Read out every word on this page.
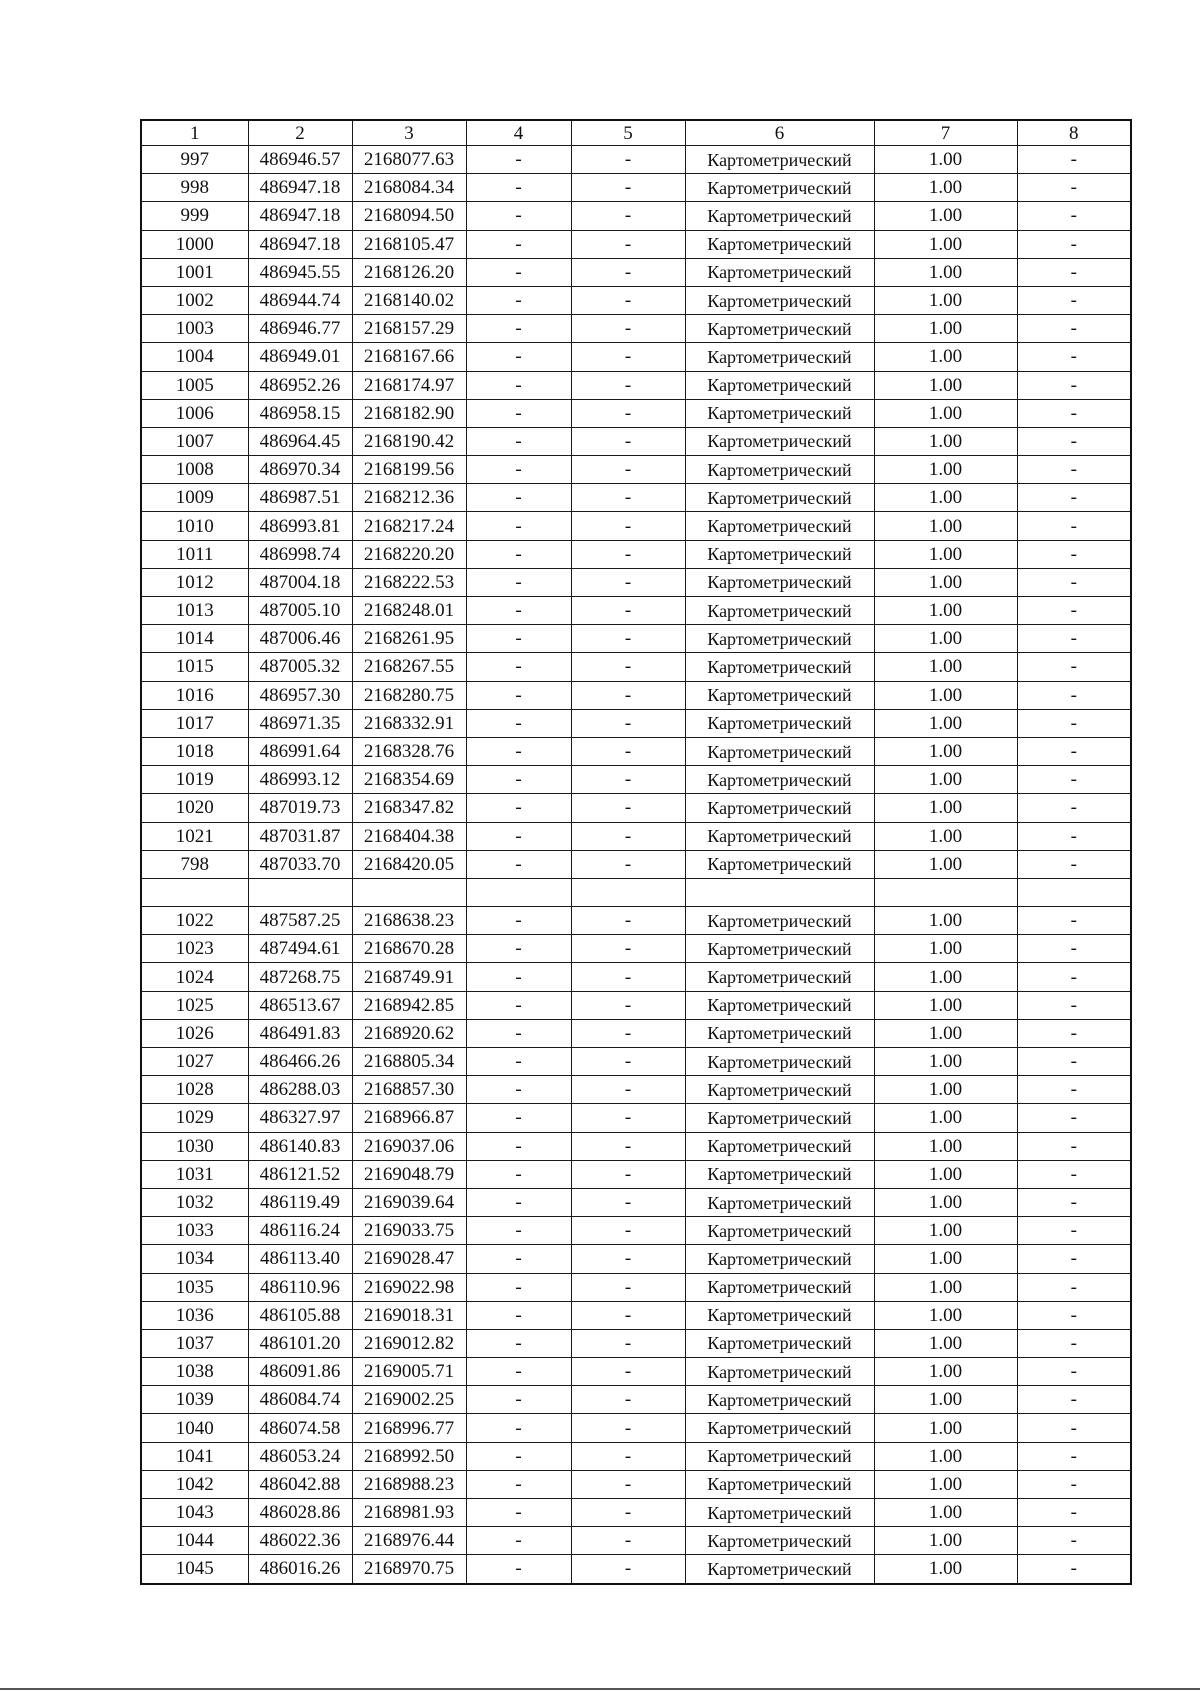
1	2	3	4	5	6	7	8
997	486946.57	2168077.63	-	-	Картометрический	1.00	-
998	486947.18	2168084.34	-	-	Картометрический	1.00	-
999	486947.18	2168094.50	-	-	Картометрический	1.00	-
1000	486947.18	2168105.47	-	-	Картометрический	1.00	-
1001	486945.55	2168126.20	-	-	Картометрический	1.00	-
1002	486944.74	2168140.02	-	-	Картометрический	1.00	-
1003	486946.77	2168157.29	-	-	Картометрический	1.00	-
1004	486949.01	2168167.66	-	-	Картометрический	1.00	-
1005	486952.26	2168174.97	-	-	Картометрический	1.00	-
1006	486958.15	2168182.90	-	-	Картометрический	1.00	-
1007	486964.45	2168190.42	-	-	Картометрический	1.00	-
1008	486970.34	2168199.56	-	-	Картометрический	1.00	-
1009	486987.51	2168212.36	-	-	Картометрический	1.00	-
1010	486993.81	2168217.24	-	-	Картометрический	1.00	-
1011	486998.74	2168220.20	-	-	Картометрический	1.00	-
1012	487004.18	2168222.53	-	-	Картометрический	1.00	-
1013	487005.10	2168248.01	-	-	Картометрический	1.00	-
1014	487006.46	2168261.95	-	-	Картометрический	1.00	-
1015	487005.32	2168267.55	-	-	Картометрический	1.00	-
1016	486957.30	2168280.75	-	-	Картометрический	1.00	-
1017	486971.35	2168332.91	-	-	Картометрический	1.00	-
1018	486991.64	2168328.76	-	-	Картометрический	1.00	-
1019	486993.12	2168354.69	-	-	Картометрический	1.00	-
1020	487019.73	2168347.82	-	-	Картометрический	1.00	-
1021	487031.87	2168404.38	-	-	Картометрический	1.00	-
798	487033.70	2168420.05	-	-	Картометрический	1.00	-

1022	487587.25	2168638.23	-	-	Картометрический	1.00	-
1023	487494.61	2168670.28	-	-	Картометрический	1.00	-
1024	487268.75	2168749.91	-	-	Картометрический	1.00	-
1025	486513.67	2168942.85	-	-	Картометрический	1.00	-
1026	486491.83	2168920.62	-	-	Картометрический	1.00	-
1027	486466.26	2168805.34	-	-	Картометрический	1.00	-
1028	486288.03	2168857.30	-	-	Картометрический	1.00	-
1029	486327.97	2168966.87	-	-	Картометрический	1.00	-
1030	486140.83	2169037.06	-	-	Картометрический	1.00	-
1031	486121.52	2169048.79	-	-	Картометрический	1.00	-
1032	486119.49	2169039.64	-	-	Картометрический	1.00	-
1033	486116.24	2169033.75	-	-	Картометрический	1.00	-
1034	486113.40	2169028.47	-	-	Картометрический	1.00	-
1035	486110.96	2169022.98	-	-	Картометрический	1.00	-
1036	486105.88	2169018.31	-	-	Картометрический	1.00	-
1037	486101.20	2169012.82	-	-	Картометрический	1.00	-
1038	486091.86	2169005.71	-	-	Картометрический	1.00	-
1039	486084.74	2169002.25	-	-	Картометрический	1.00	-
1040	486074.58	2168996.77	-	-	Картометрический	1.00	-
1041	486053.24	2168992.50	-	-	Картометрический	1.00	-
1042	486042.88	2168988.23	-	-	Картометрический	1.00	-
1043	486028.86	2168981.93	-	-	Картометрический	1.00	-
1044	486022.36	2168976.44	-	-	Картометрический	1.00	-
1045	486016.26	2168970.75	-	-	Картометрический	1.00	-
